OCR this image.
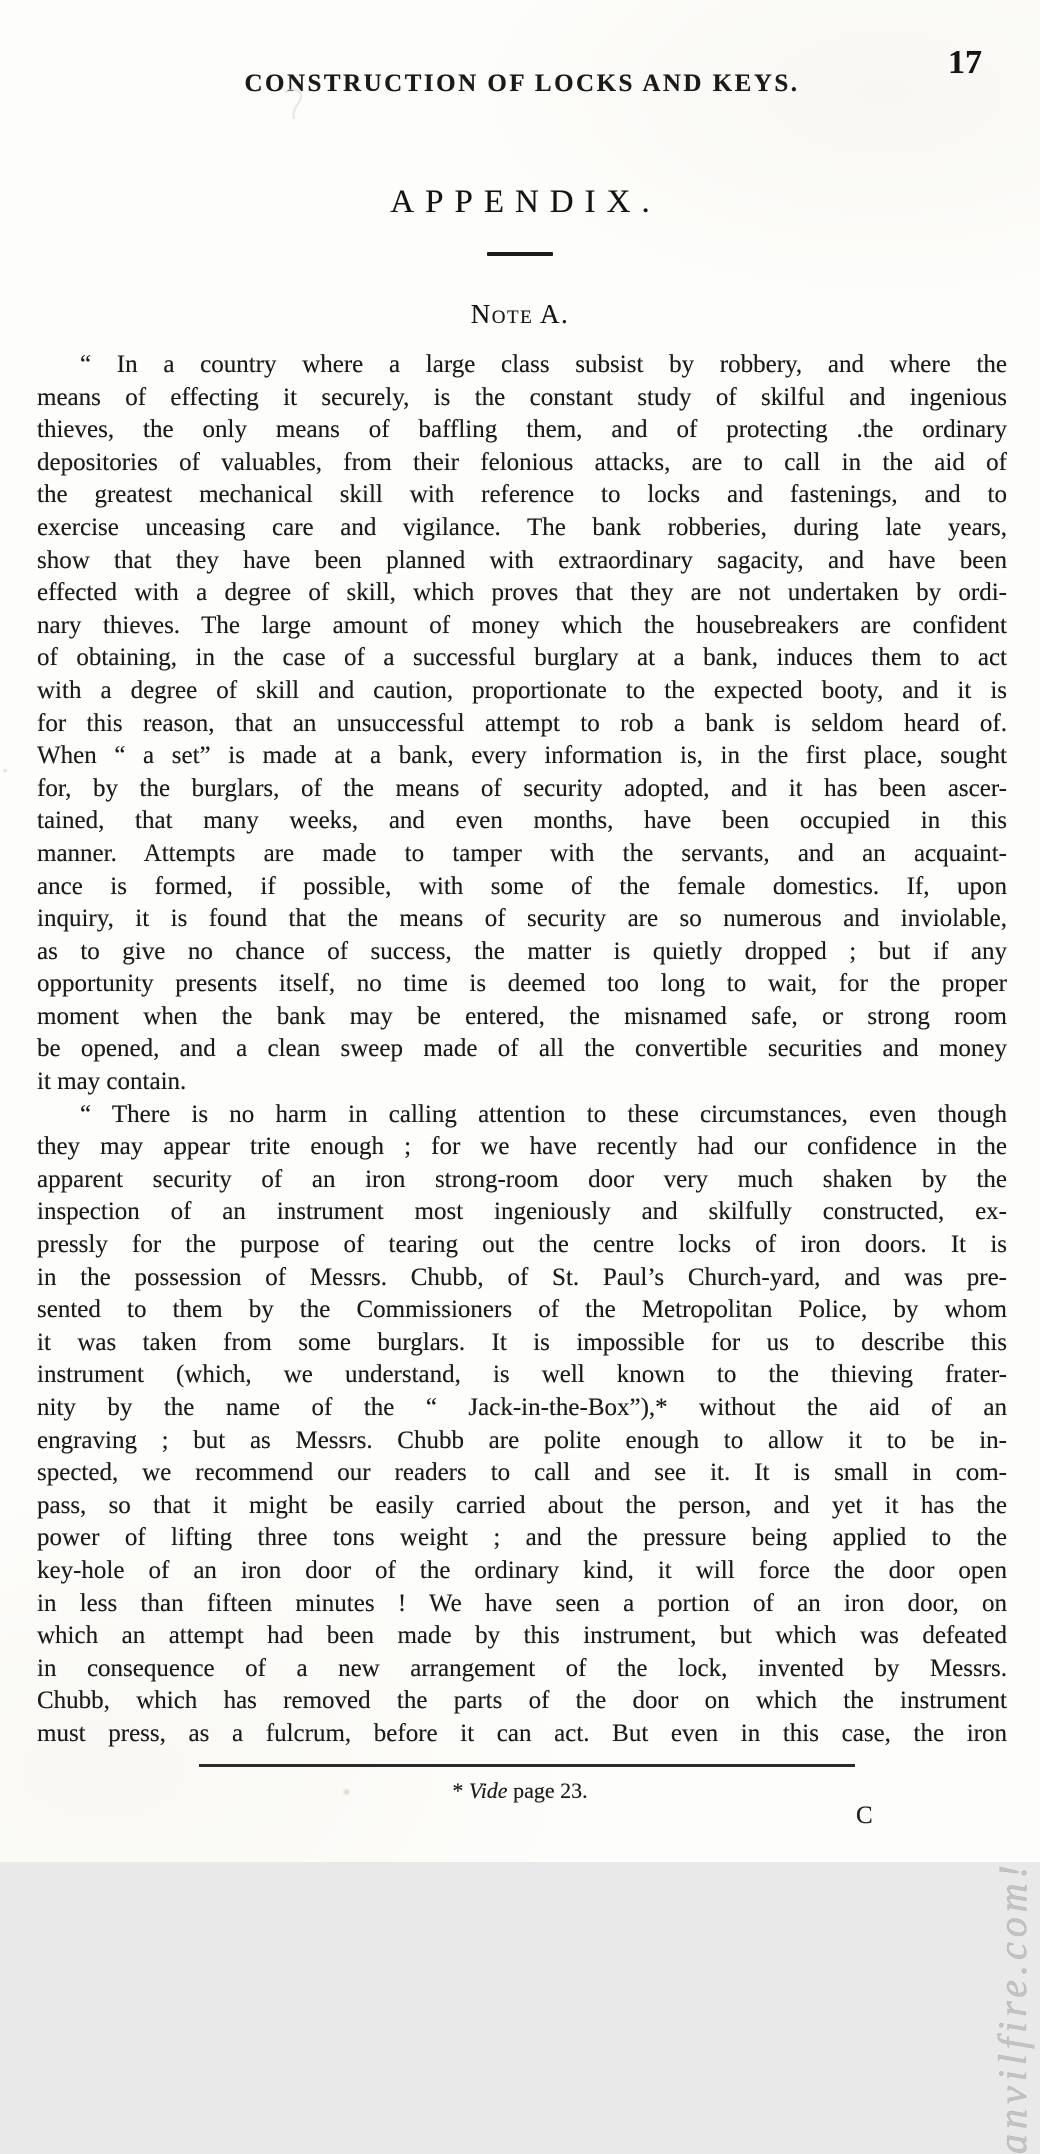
CONSTRUCTION OF LOCKS AND KEYS.
17
APPENDIX.
Note A.
“ In a country where a large class subsist by robbery, and where the
means of effecting it securely, is the constant study of skilful and ingenious
thieves, the only means of baffling them, and of protecting .the ordinary
depositories of valuables, from their felonious attacks, are to call in the aid of
the greatest mechanical skill with reference to locks and fastenings, and to
exercise unceasing care and vigilance. The bank robberies, during late years,
show that they have been planned with extraordinary sagacity, and have been
effected with a degree of skill, which proves that they are not undertaken by ordi-
nary thieves. The large amount of money which the housebreakers are confident
of obtaining, in the case of a successful burglary at a bank, induces them to act
with a degree of skill and caution, proportionate to the expected booty, and it is
for this reason, that an unsuccessful attempt to rob a bank is seldom heard of.
When “ a set” is made at a bank, every information is, in the first place, sought
for, by the burglars, of the means of security adopted, and it has been ascer-
tained, that many weeks, and even months, have been occupied in this
manner. Attempts are made to tamper with the servants, and an acquaint-
ance is formed, if possible, with some of the female domestics. If, upon
inquiry, it is found that the means of security are so numerous and inviolable,
as to give no chance of success, the matter is quietly dropped ; but if any
opportunity presents itself, no time is deemed too long to wait, for the proper
moment when the bank may be entered, the misnamed safe, or strong room
be opened, and a clean sweep made of all the convertible securities and money
it may contain.
“ There is no harm in calling attention to these circumstances, even though
they may appear trite enough ; for we have recently had our confidence in the
apparent security of an iron strong-room door very much shaken by the
inspection of an instrument most ingeniously and skilfully constructed, ex-
pressly for the purpose of tearing out the centre locks of iron doors. It is
in the possession of Messrs. Chubb, of St. Paul’s Church-yard, and was pre-
sented to them by the Commissioners of the Metropolitan Police, by whom
it was taken from some burglars. It is impossible for us to describe this
instrument (which, we understand, is well known to the thieving frater-
nity by the name of the “ Jack-in-the-Box”),* without the aid of an
engraving ; but as Messrs. Chubb are polite enough to allow it to be in-
spected, we recommend our readers to call and see it. It is small in com-
pass, so that it might be easily carried about the person, and yet it has the
power of lifting three tons weight ; and the pressure being applied to the
key-hole of an iron door of the ordinary kind, it will force the door open
in less than fifteen minutes ! We have seen a portion of an iron door, on
which an attempt had been made by this instrument, but which was defeated
in consequence of a new arrangement of the lock, invented by Messrs.
Chubb, which has removed the parts of the door on which the instrument
must press, as a fulcrum, before it can act. But even in this case, the iron
* Vide page 23.
C
anvilfire.com!
